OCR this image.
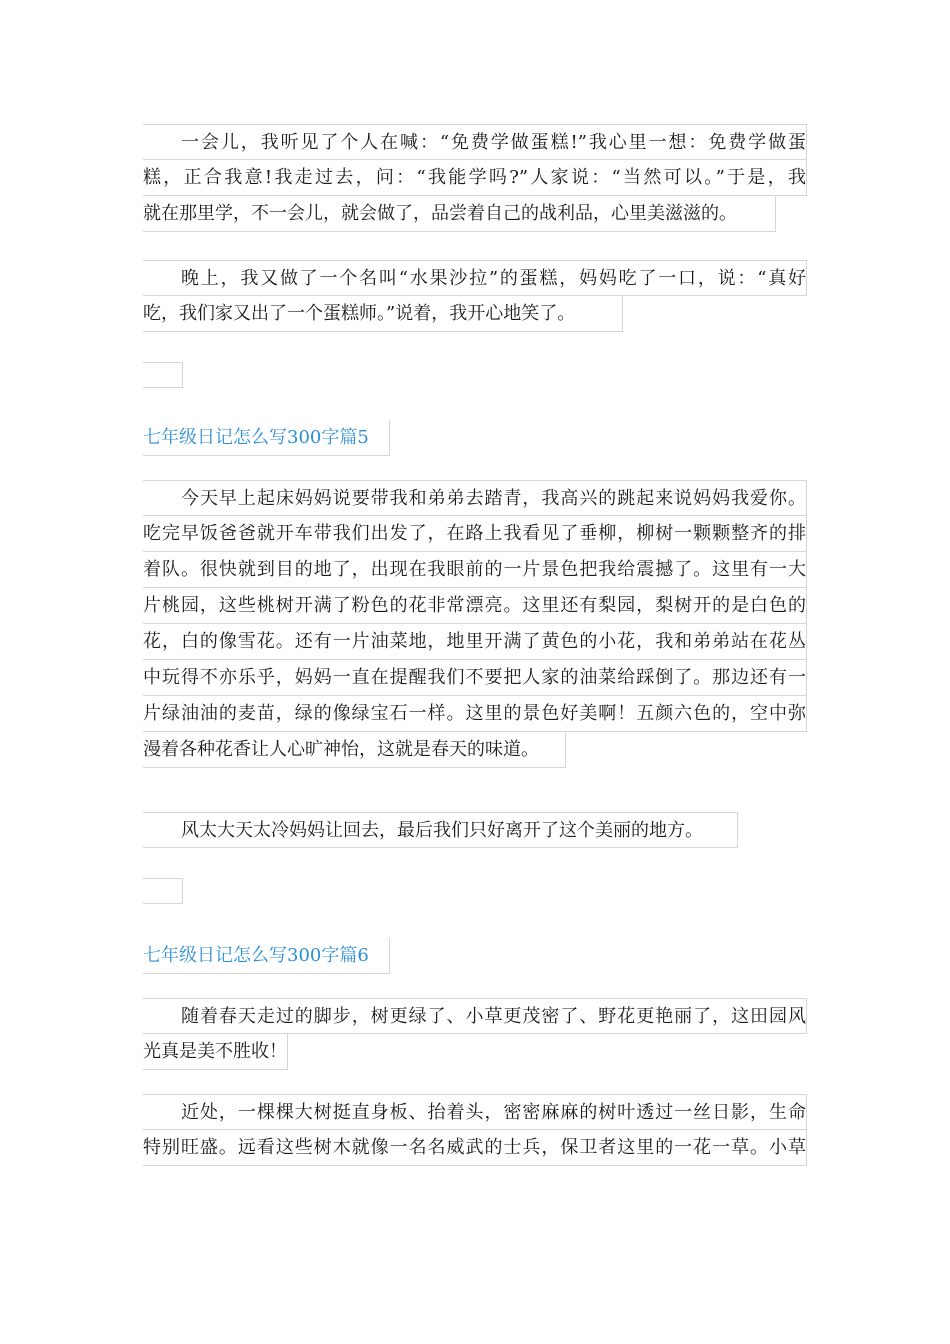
一会儿，我听见了个人在喊：“免费学做蛋糕!”我心里一想：免费学做蛋
糕，正合我意!我走过去，问：“我能学吗?”人家说：“当然可以。”于是，我
就在那里学，不一会儿，就会做了，品尝着自己的战利品，心里美滋滋的。
晚上，我又做了一个名叫“水果沙拉”的蛋糕，妈妈吃了一口，说：“真好
吃，我们家又出了一个蛋糕师。”说着，我开心地笑了。
七年级日记怎么写300字篇5
今天早上起床妈妈说要带我和弟弟去踏青，我高兴的跳起来说妈妈我爱你。
吃完早饭爸爸就开车带我们出发了，在路上我看见了垂柳，柳树一颗颗整齐的排
着队。很快就到目的地了，出现在我眼前的一片景色把我给震撼了。这里有一大
片桃园，这些桃树开满了粉色的花非常漂亮。这里还有梨园，梨树开的是白色的
花，白的像雪花。还有一片油菜地，地里开满了黄色的小花，我和弟弟站在花丛
中玩得不亦乐乎，妈妈一直在提醒我们不要把人家的油菜给踩倒了。那边还有一
片绿油油的麦苗，绿的像绿宝石一样。这里的景色好美啊！五颜六色的，空中弥
漫着各种花香让人心旷神怡，这就是春天的味道。
风太大天太冷妈妈让回去，最后我们只好离开了这个美丽的地方。
七年级日记怎么写300字篇6
随着春天走过的脚步，树更绿了、小草更茂密了、野花更艳丽了，这田园风
光真是美不胜收！
近处，一棵棵大树挺直身板、抬着头，密密麻麻的树叶透过一丝日影，生命
特别旺盛。远看这些树木就像一名名威武的士兵，保卫者这里的一花一草。小草
